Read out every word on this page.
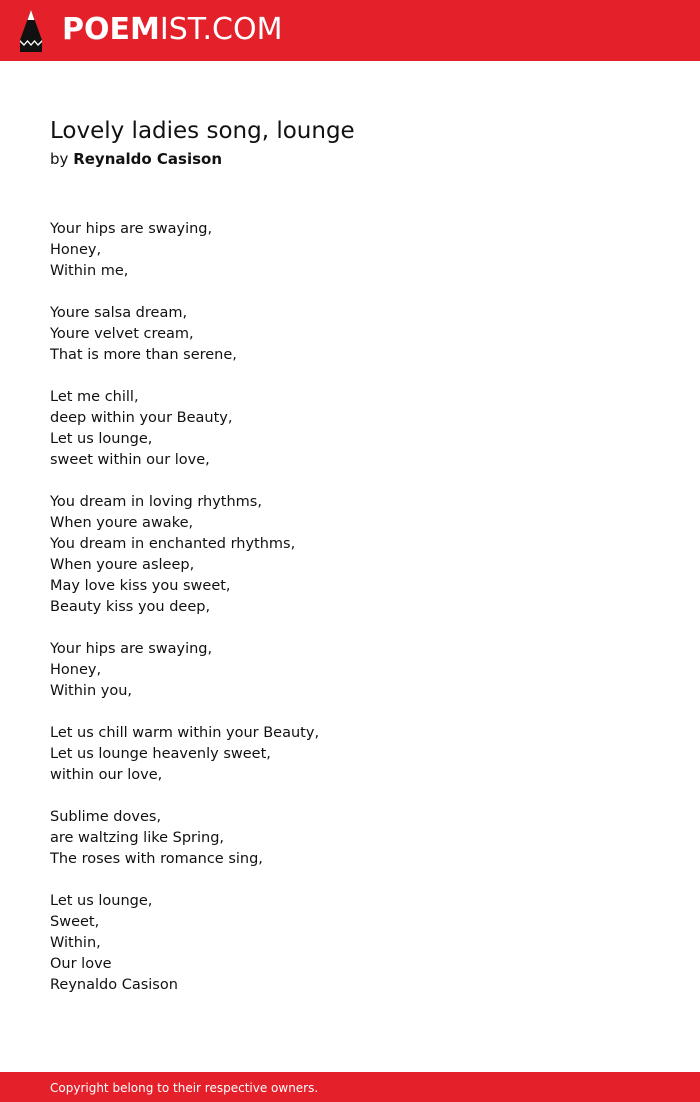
POEMIST.COM
Lovely ladies song, lounge
by Reynaldo Casison
Your hips are swaying,
Honey,
Within me,
Youre salsa dream,
Youre velvet cream,
That is more than serene,
Let me chill,
deep within your Beauty,
Let us lounge,
sweet within our love,
You dream in loving rhythms,
When youre awake,
You dream in enchanted rhythms,
When youre asleep,
May love kiss you sweet,
Beauty kiss you deep,
Your hips are swaying,
Honey,
Within you,
Let us chill warm within your Beauty,
Let us lounge heavenly sweet,
within our love,
Sublime doves,
are waltzing like Spring,
The roses with romance sing,
Let us lounge,
Sweet,
Within,
Our love
Reynaldo Casison
Copyright belong to their respective owners.
